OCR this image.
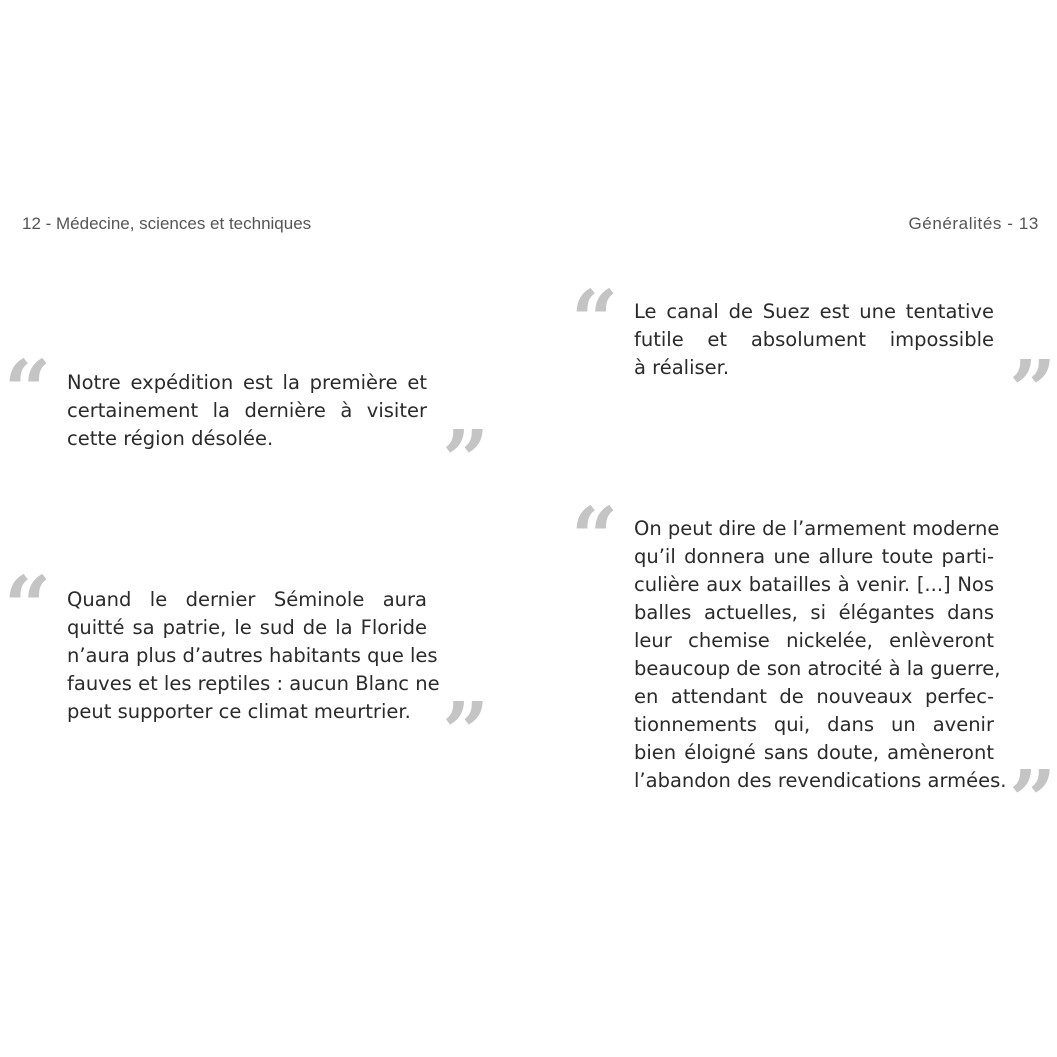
12 - Médecine, sciences et techniques	Généralités - 13
“ Notre expédition est la première et
certainement la dernière à visiter
cette région désolée.	”
“ Quand le dernier Séminole aura
quitté sa patrie, le sud de la Floride
n’aura plus d’autres habitants que les
fauves et les reptiles : aucun Blanc ne
peut supporter ce climat meurtrier. ”
“ Le canal de Suez est une tentative
futile et absolument impossible
à réaliser.	”
“ On peut dire de l’armement moderne
qu’il donnera une allure toute parti-
culière aux batailles à venir. [...] Nos
balles actuelles, si élégantes dans
leur chemise nickelée, enlèveront
beaucoup de son atrocité à la guerre,
en attendant de nouveaux perfec-
tionnements qui, dans un avenir
bien éloigné sans doute, amèneront
l’abandon des revendications armées. ”
